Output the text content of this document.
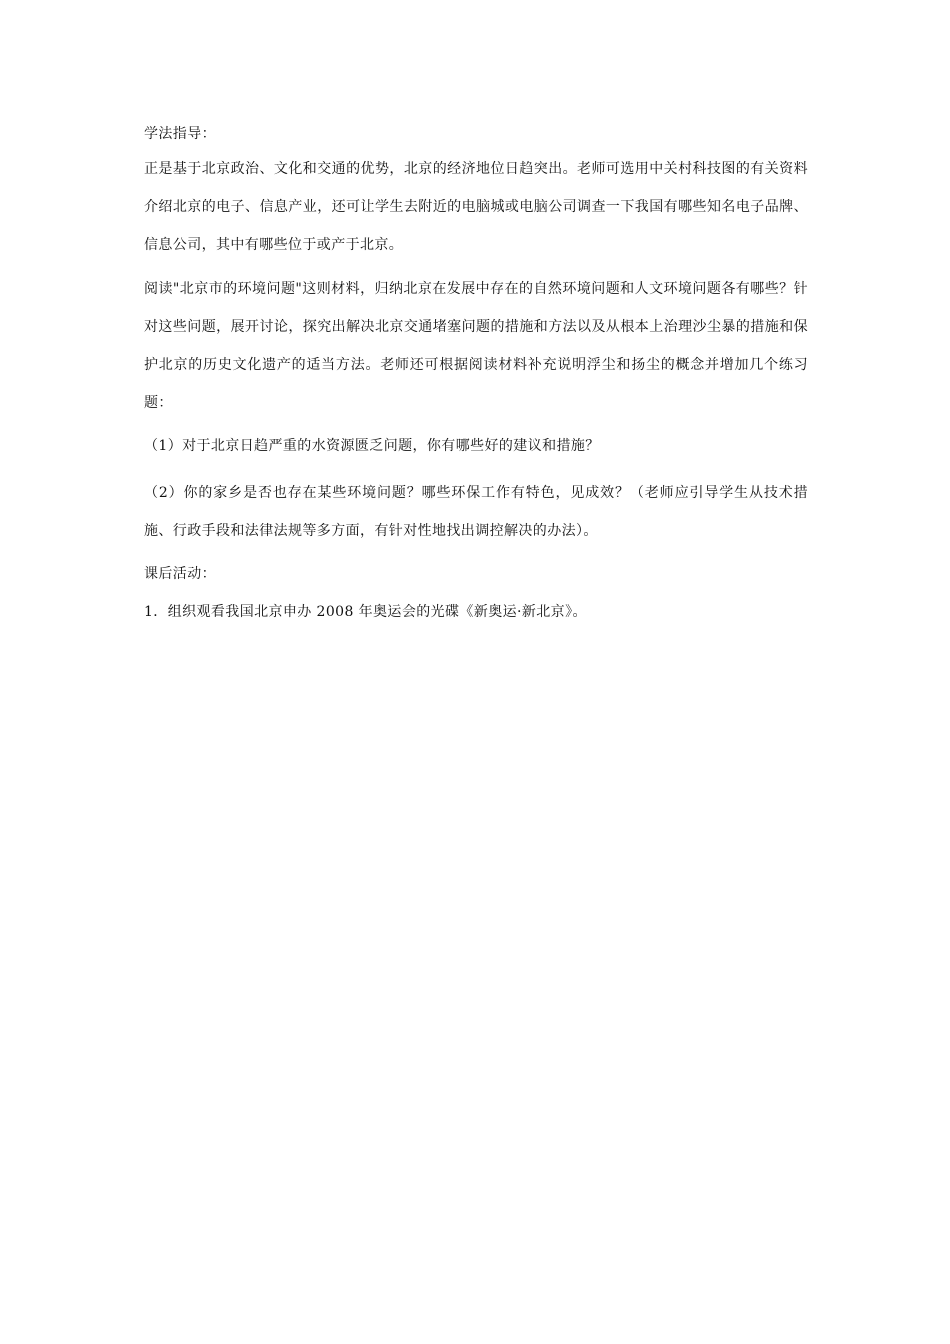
学法指导：

正是基于北京政治、文化和交通的优势，北京的经济地位日趋突出。老师可选用中关村科技图的有关资料介绍北京的电子、信息产业，还可让学生去附近的电脑城或电脑公司调查一下我国有哪些知名电子品牌、信息公司，其中有哪些位于或产于北京。

阅读"北京市的环境问题"这则材料，归纳北京在发展中存在的自然环境问题和人文环境问题各有哪些？针对这些问题，展开讨论，探究出解决北京交通堵塞问题的措施和方法以及从根本上治理沙尘暴的措施和保护北京的历史文化遗产的适当方法。老师还可根据阅读材料补充说明浮尘和扬尘的概念并增加几个练习题：

（1）对于北京日趋严重的水资源匮乏问题，你有哪些好的建议和措施？

（2）你的家乡是否也存在某些环境问题？哪些环保工作有特色，见成效？（老师应引导学生从技术措施、行政手段和法律法规等多方面，有针对性地找出调控解决的办法）。

课后活动：

1．组织观看我国北京申办 2008 年奥运会的光碟《新奥运·新北京》。
